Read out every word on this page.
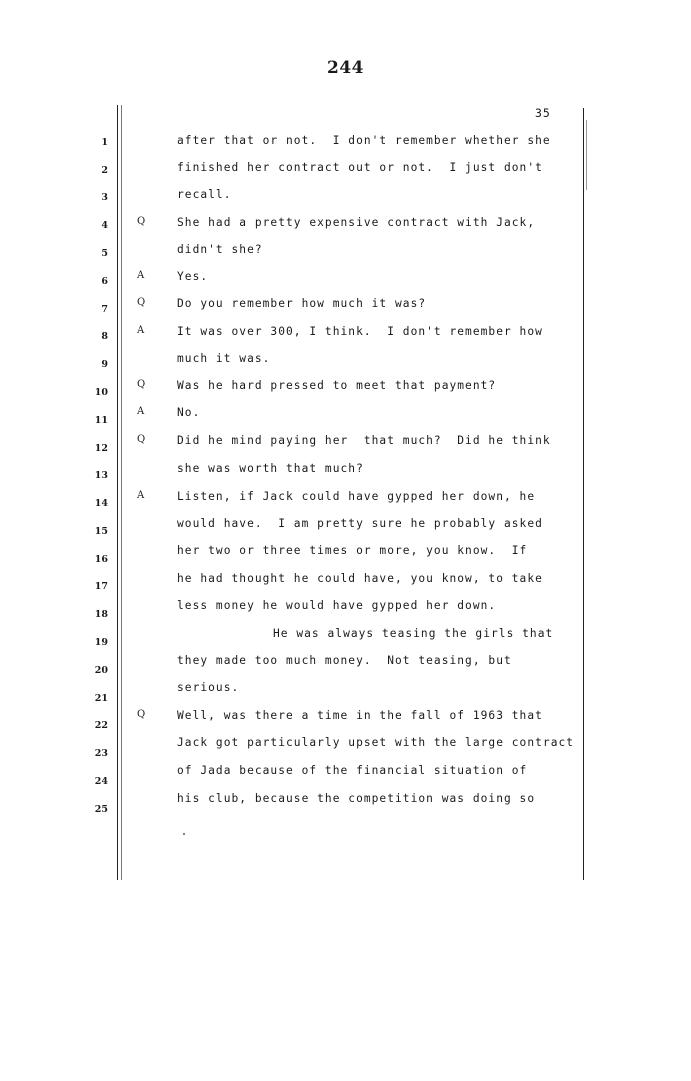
244
35
1
2
3
4
5
6
7
8
9
10
11
12
13
14
15
16
17
18
19
20
21
22
23
24
25
Q
A
Q
A
Q
A
Q
A
Q
after that or not.  I don't remember whether she
finished her contract out or not.  I just don't
recall.
She had a pretty expensive contract with Jack,
didn't she?
Yes.
Do you remember how much it was?
It was over 300, I think.  I don't remember how
much it was.
Was he hard pressed to meet that payment?
No.
Did he mind paying her  that much?  Did he think
she was worth that much?
Listen, if Jack could have gypped her down, he
would have.  I am pretty sure he probably asked
her two or three times or more, you know.  If
he had thought he could have, you know, to take
less money he would have gypped her down.
He was always teasing the girls that
they made too much money.  Not teasing, but
serious.
Well, was there a time in the fall of 1963 that
Jack got particularly upset with the large contract
of Jada because of the financial situation of
his club, because the competition was doing so
